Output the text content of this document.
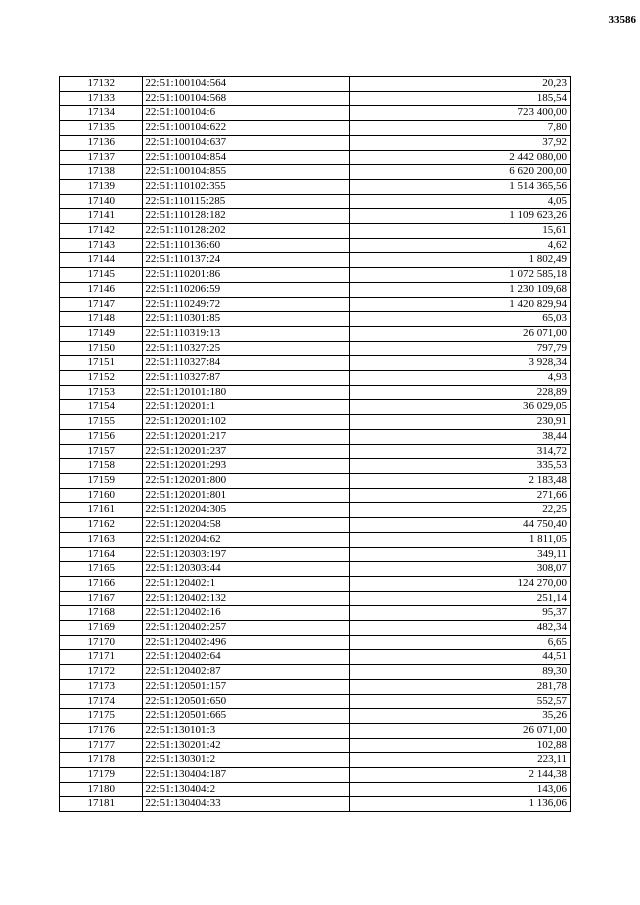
33586
17132	22:51:100104:564	20,23
17133	22:51:100104:568	185,54
17134	22:51:100104:6	723 400,00
17135	22:51:100104:622	7,80
17136	22:51:100104:637	37,92
17137	22:51:100104:854	2 442 080,00
17138	22:51:100104:855	6 620 200,00
17139	22:51:110102:355	1 514 365,56
17140	22:51:110115:285	4,05
17141	22:51:110128:182	1 109 623,26
17142	22:51:110128:202	15,61
17143	22:51:110136:60	4,62
17144	22:51:110137:24	1 802,49
17145	22:51:110201:86	1 072 585,18
17146	22:51:110206:59	1 230 109,68
17147	22:51:110249:72	1 420 829,94
17148	22:51:110301:85	65,03
17149	22:51:110319:13	26 071,00
17150	22:51:110327:25	797,79
17151	22:51:110327:84	3 928,34
17152	22:51:110327:87	4,93
17153	22:51:120101:180	228,89
17154	22:51:120201:1	36 029,05
17155	22:51:120201:102	230,91
17156	22:51:120201:217	38,44
17157	22:51:120201:237	314,72
17158	22:51:120201:293	335,53
17159	22:51:120201:800	2 183,48
17160	22:51:120201:801	271,66
17161	22:51:120204:305	22,25
17162	22:51:120204:58	44 750,40
17163	22:51:120204:62	1 811,05
17164	22:51:120303:197	349,11
17165	22:51:120303:44	308,07
17166	22:51:120402:1	124 270,00
17167	22:51:120402:132	251,14
17168	22:51:120402:16	95,37
17169	22:51:120402:257	482,34
17170	22:51:120402:496	6,65
17171	22:51:120402:64	44,51
17172	22:51:120402:87	89,30
17173	22:51:120501:157	281,78
17174	22:51:120501:650	552,57
17175	22:51:120501:665	35,26
17176	22:51:130101:3	26 071,00
17177	22:51:130201:42	102,88
17178	22:51:130301:2	223,11
17179	22:51:130404:187	2 144,38
17180	22:51:130404:2	143,06
17181	22:51:130404:33	1 136,06
